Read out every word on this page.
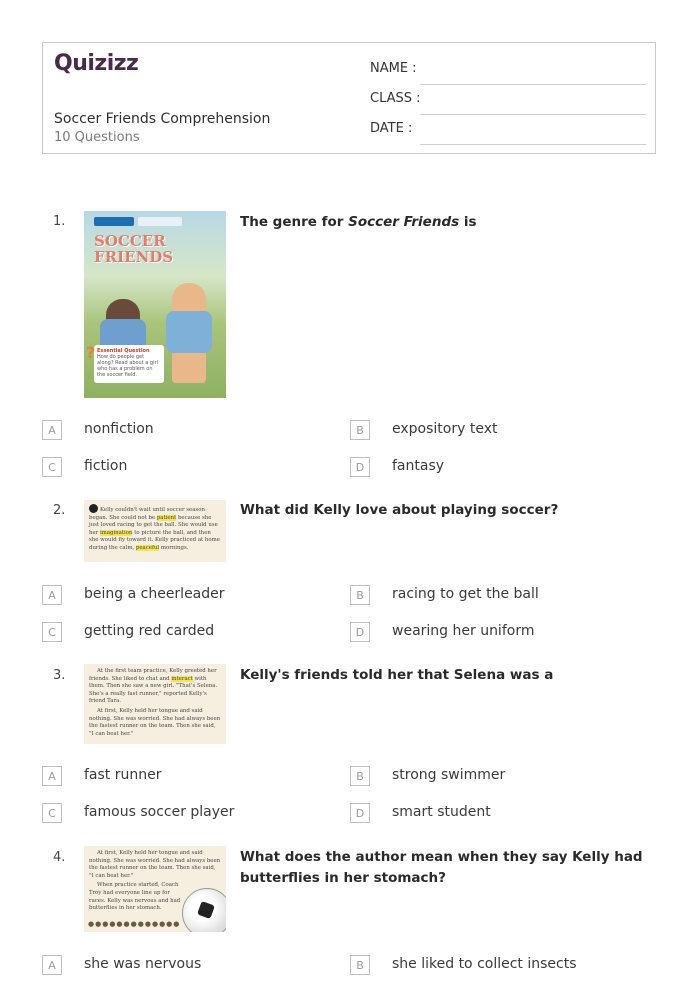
Quizizz
Soccer Friends Comprehension
10 Questions
NAME :
CLASS :
DATE :
1.
SOCCER FRIENDS
Essential Question
How do people get along? Read about a girl who has a problem on the soccer field.
?
The genre for Soccer Friends is
A	nonfiction	B	expository text
C	fiction	D	fantasy
2.	Kelly couldn't wait until soccer season began. She could not be patient because she just loved racing to get the ball. She would use her imagination to picture the ball, and then she would fly toward it. Kelly practiced at home during the calm, peaceful mornings.
What did Kelly love about playing soccer?
A	being a cheerleader	B	racing to get the ball
C	getting red carded	D	wearing her uniform
3.	At the first team practice, Kelly greeted her friends. She liked to chat and interact with them. Then she saw a new girl. "That's Selena. She's a really fast runner," reported Kelly's friend Tara.
At first, Kelly held her tongue and said nothing. She was worried. She had always been the fastest runner on the team. Then she said, "I can beat her."
Kelly's friends told her that Selena was a
A	fast runner	B	strong swimmer
C	famous soccer player	D	smart student
4.	At first, Kelly held her tongue and said nothing. She was worried. She had always been the fastest runner on the team. Then she said, "I can beat her."
When practice started, Coach Troy had everyone line up for races. Kelly was nervous and had butterflies in her stomach.
●●●●●●●●●●●●●
What does the author mean when they say Kelly had butterflies in her stomach?
A	she was nervous	B	she liked to collect insects
